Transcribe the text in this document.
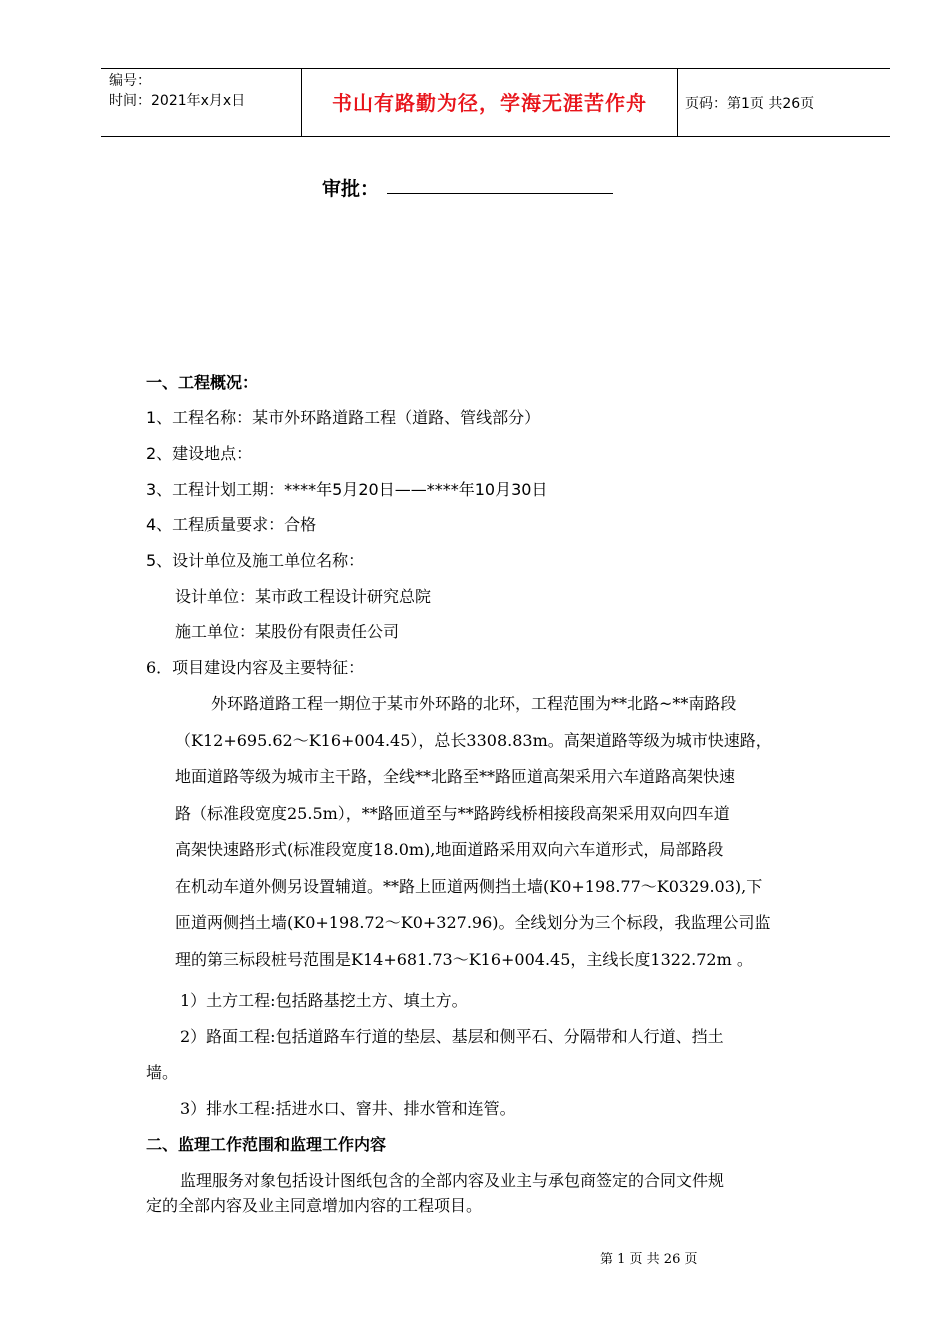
编号：
时间：2021年x月x日	书山有路勤为径，学海无涯苦作舟	页码：第1页 共26页
审批：
一、工程概况：
1、工程名称：某市外环路道路工程（道路、管线部分）
2、建设地点：
3、工程计划工期：****年5月20日——****年10月30日
4、工程质量要求：合格
5、设计单位及施工单位名称：
设计单位：某市政工程设计研究总院
施工单位：某股份有限责任公司
6．项目建设内容及主要特征：
外环路道路工程一期位于某市外环路的北环，工程范围为**北路~**南路段
（K12+695.62～K16+004.45），总长3308.83m。高架道路等级为城市快速路，
地面道路等级为城市主干路，全线**北路至**路匝道高架采用六车道路高架快速
路（标准段宽度25.5m），**路匝道至与**路跨线桥相接段高架采用双向四车道
高架快速路形式(标准段宽度18.0m),地面道路采用双向六车道形式，局部路段
在机动车道外侧另设置辅道。**路上匝道两侧挡土墙(K0+198.77～K0329.03),下
匝道两侧挡土墙(K0+198.72～K0+327.96)。全线划分为三个标段，我监理公司监
理的第三标段桩号范围是K14+681.73～K16+004.45，主线长度1322.72m 。
1）土方工程:包括路基挖土方、填土方。
2）路面工程:包括道路车行道的垫层、基层和侧平石、分隔带和人行道、挡土
墙。
3）排水工程:括进水口、窨井、排水管和连管。
二、监理工作范围和监理工作内容
监理服务对象包括设计图纸包含的全部内容及业主与承包商签定的合同文件规
定的全部内容及业主同意增加内容的工程项目。
第 1 页 共 26 页
